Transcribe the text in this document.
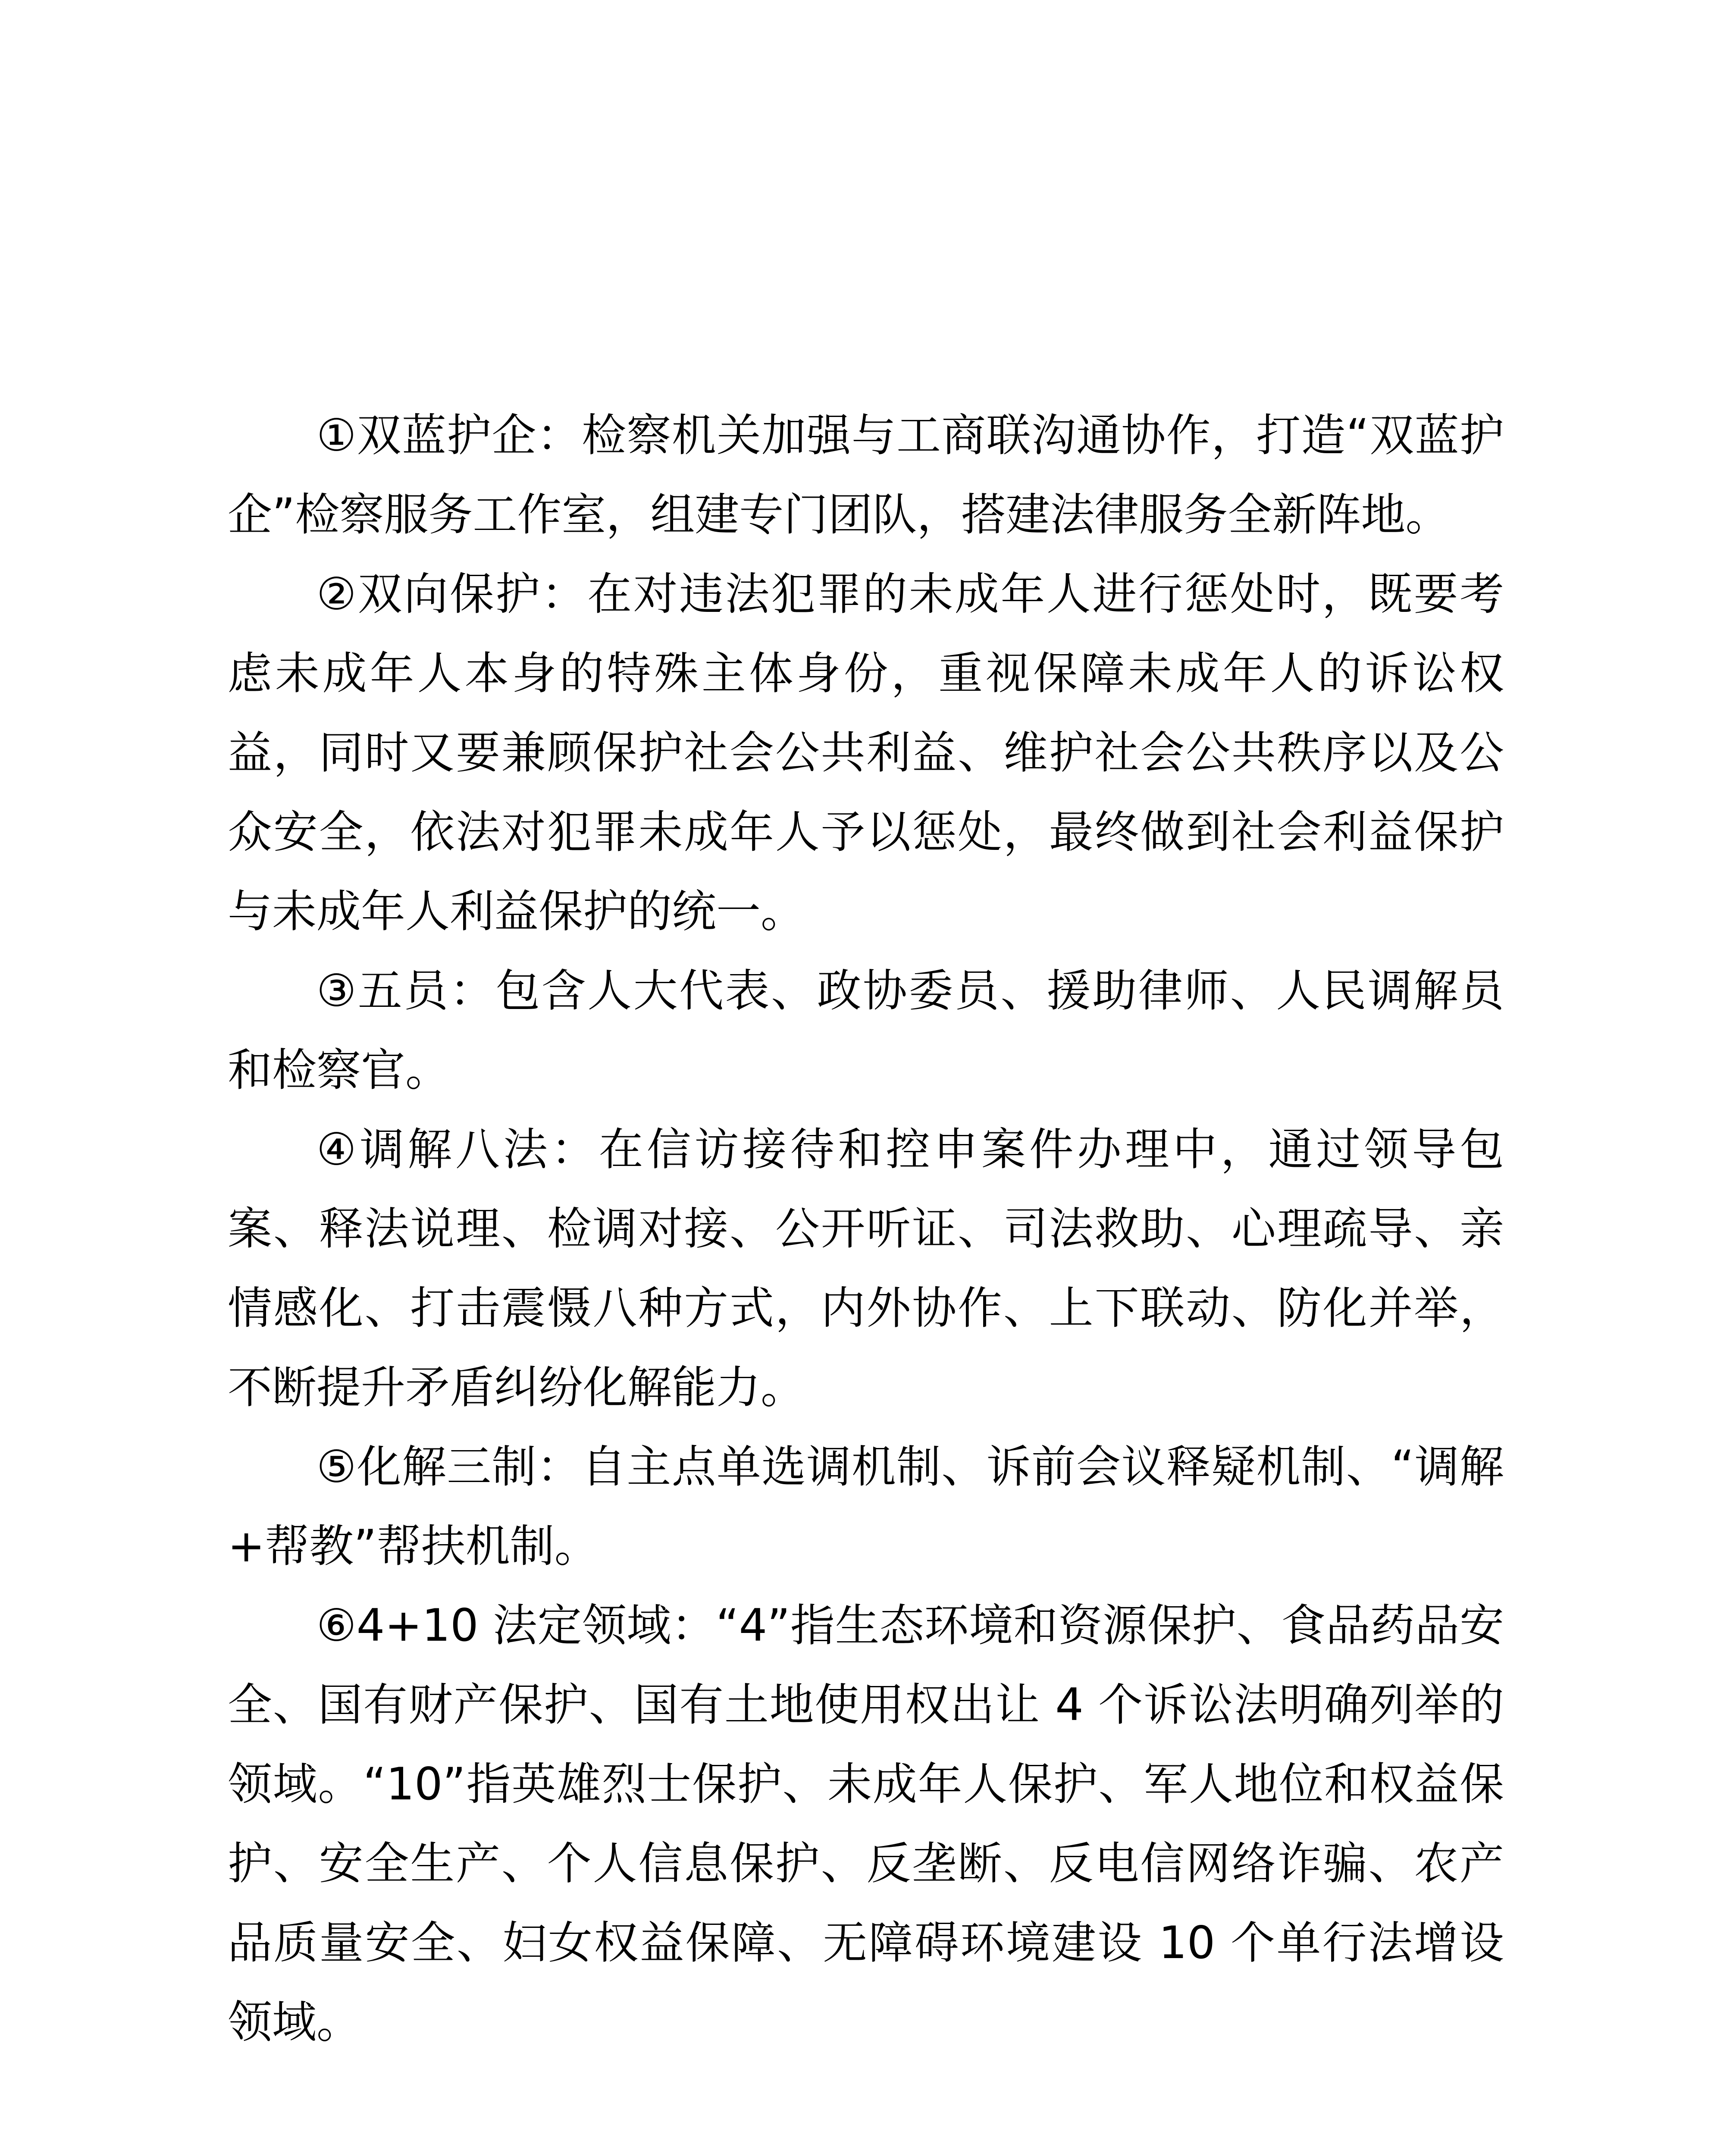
①双蓝护企：检察机关加强与工商联沟通协作，打造“双蓝护企”检察服务工作室，组建专门团队，搭建法律服务全新阵地。

②双向保护：在对违法犯罪的未成年人进行惩处时，既要考虑未成年人本身的特殊主体身份，重视保障未成年人的诉讼权益，同时又要兼顾保护社会公共利益、维护社会公共秩序以及公众安全，依法对犯罪未成年人予以惩处，最终做到社会利益保护与未成年人利益保护的统一。

③五员：包含人大代表、政协委员、援助律师、人民调解员和检察官。

④调解八法：在信访接待和控申案件办理中，通过领导包案、释法说理、检调对接、公开听证、司法救助、心理疏导、亲情感化、打击震慑八种方式，内外协作、上下联动、防化并举，不断提升矛盾纠纷化解能力。

⑤化解三制：自主点单选调机制、诉前会议释疑机制、“调解+帮教”帮扶机制。

⑥4+10 法定领域：“4”指生态环境和资源保护、食品药品安全、国有财产保护、国有土地使用权出让 4 个诉讼法明确列举的领域。“10”指英雄烈士保护、未成年人保护、军人地位和权益保护、安全生产、个人信息保护、反垄断、反电信网络诈骗、农产品质量安全、妇女权益保障、无障碍环境建设 10 个单行法增设领域。
